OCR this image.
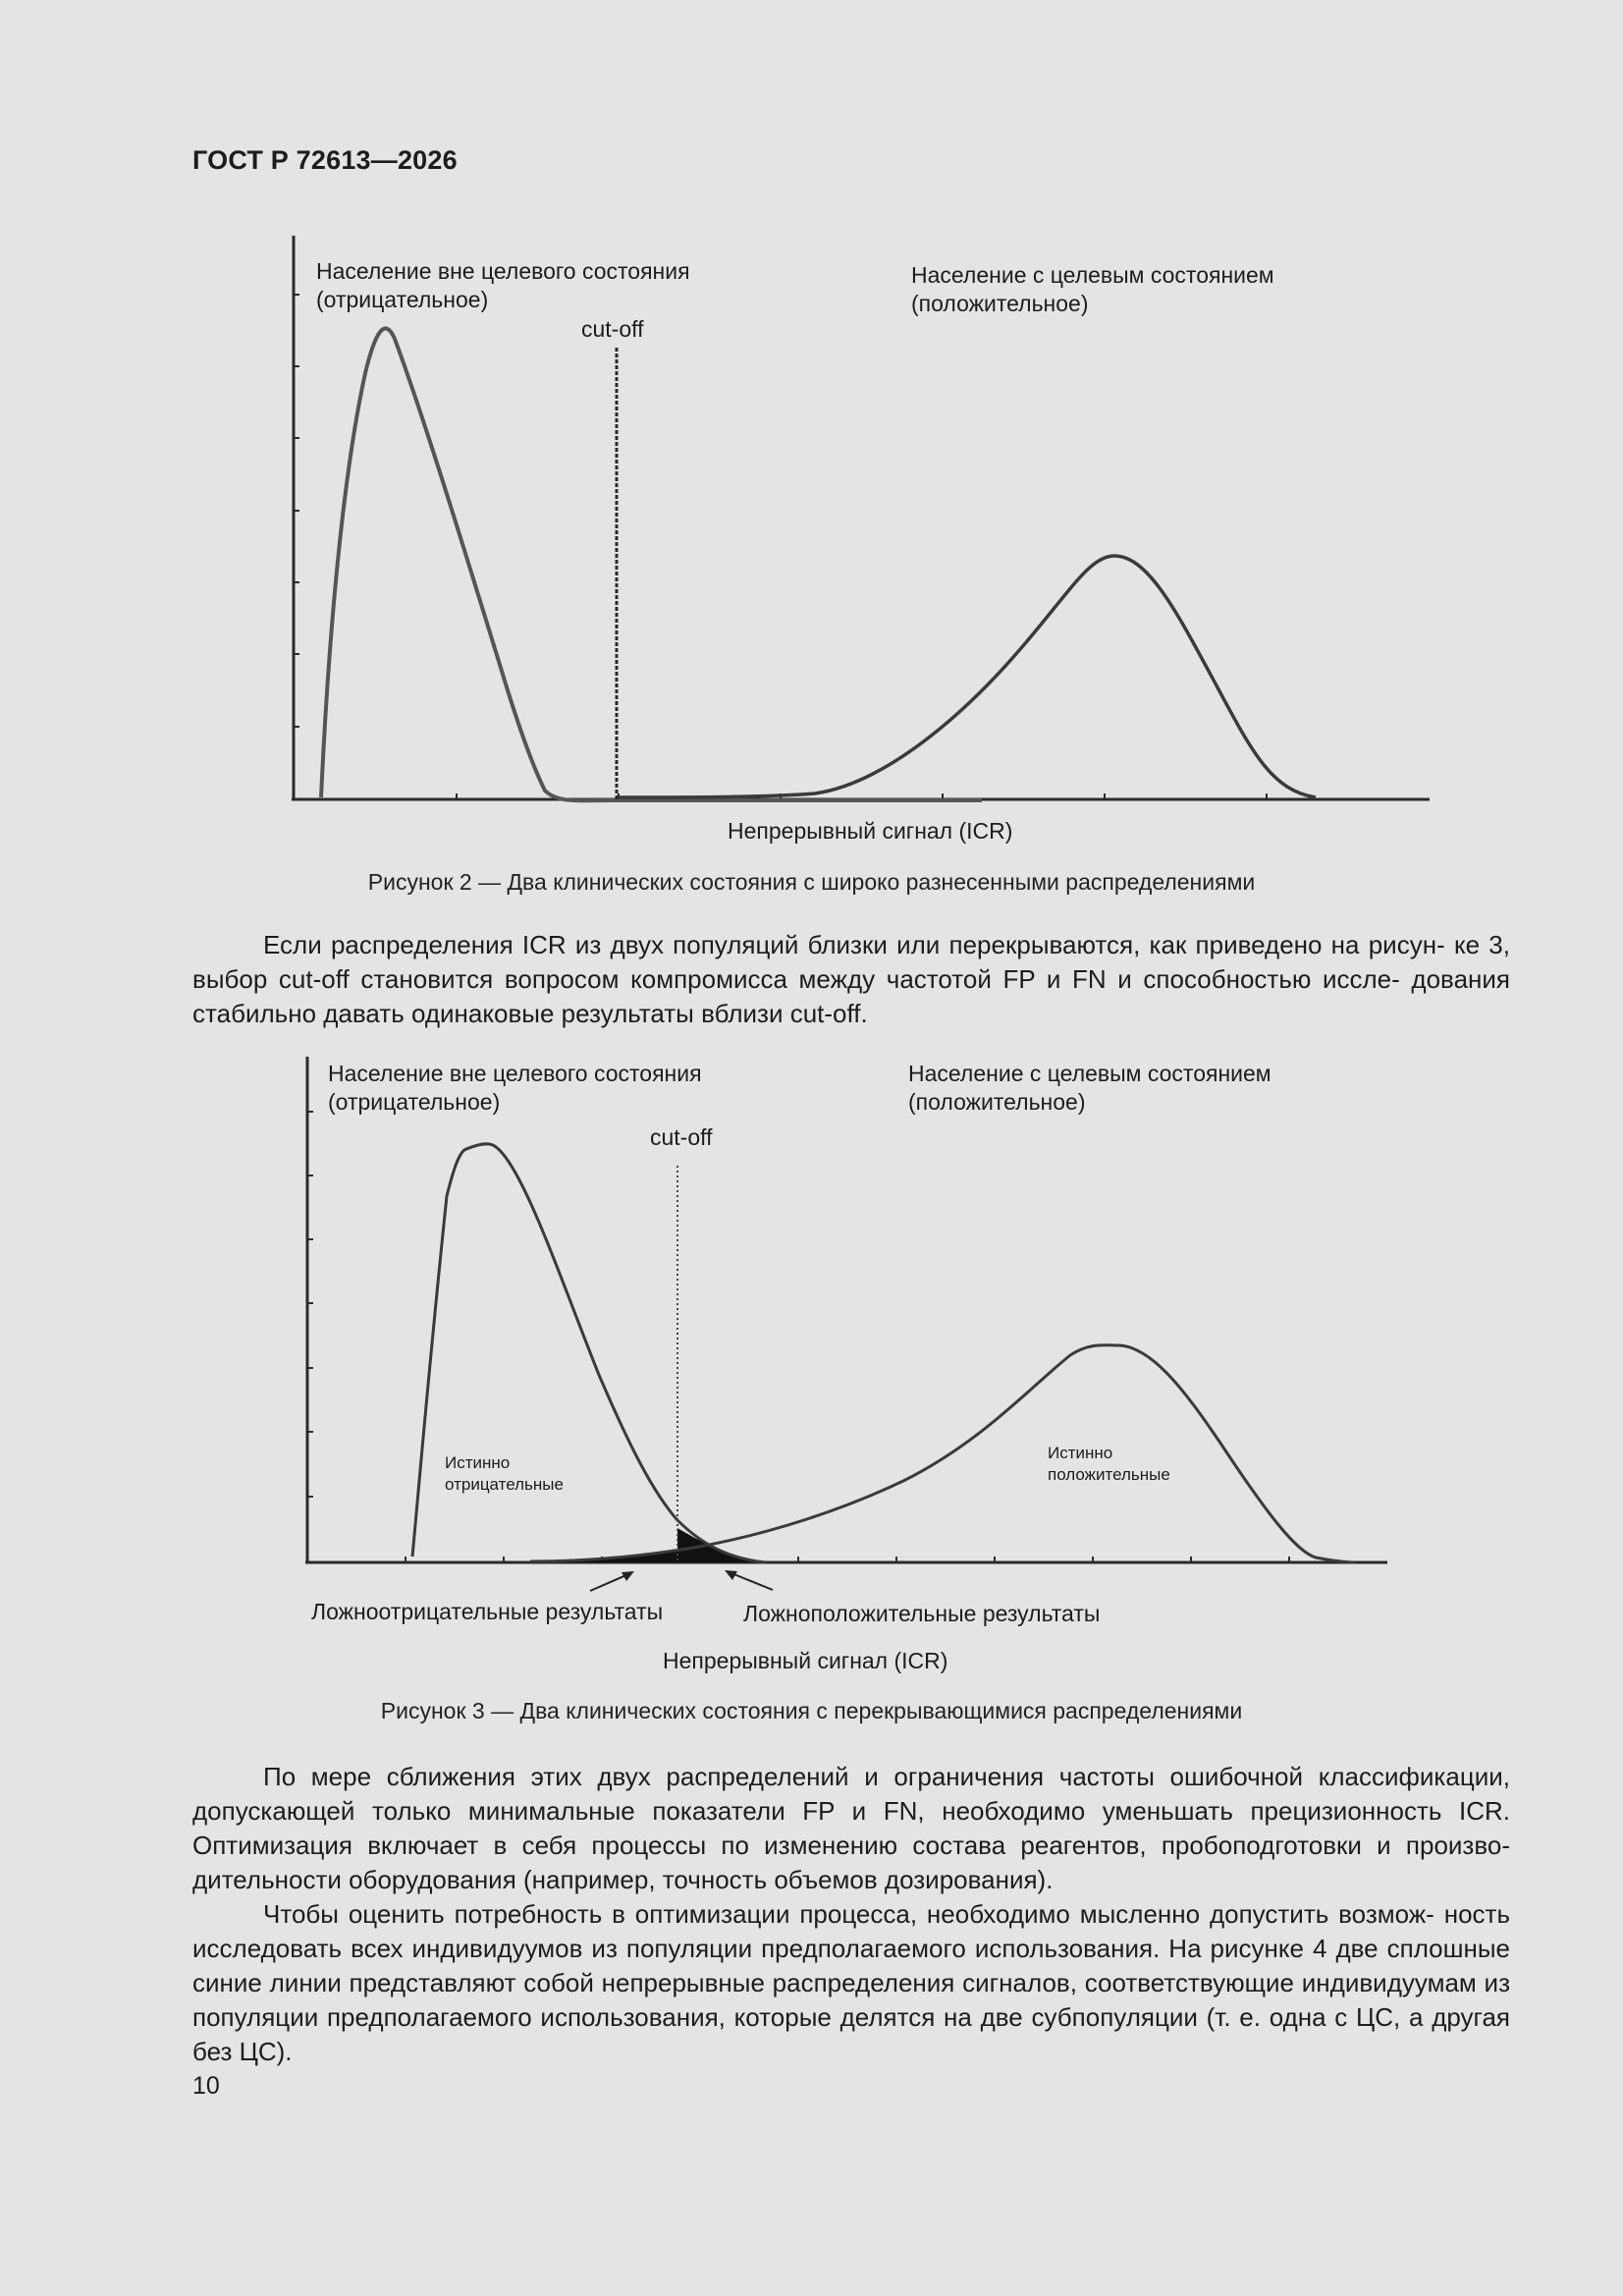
ГОСТ Р 72613—2026
Население вне целевого состояния
(отрицательное)
Население с целевым состоянием
(положительное)
cut-off
Непрерывный сигнал (ICR)
Рисунок 2 — Два клинических состояния с широко разнесенными распределениями

Если распределения ICR из двух популяций близки или перекрываются, как приведено на рисун- ке 3, выбор cut-off становится вопросом компромисса между частотой FP и FN и способностью иссле- дования стабильно давать одинаковые результаты вблизи cut-off.

Население вне целевого состояния
(отрицательное)
Население с целевым состоянием
(положительное)
cut-off
Истинно
отрицательные
Истинно
положительные
Ложноотрицательные результаты	Ложноположительные результаты
Непрерывный сигнал (ICR)
Рисунок 3 — Два клинических состояния с перекрывающимися распределениями

По мере сближения этих двух распределений и ограничения частоты ошибочной классификации, допускающей только минимальные показатели FP и FN, необходимо уменьшать прецизионность ICR. Оптимизация включает в себя процессы по изменению состава реагентов, пробоподготовки и произво- дительности оборудования (например, точность объемов дозирования).

Чтобы оценить потребность в оптимизации процесса, необходимо мысленно допустить возмож- ность исследовать всех индивидуумов из популяции предполагаемого использования. На рисунке 4 две сплошные синие линии представляют собой непрерывные распределения сигналов, соответствующие индивидуумам из популяции предполагаемого использования, которые делятся на две субпопуляции (т. е. одна с ЦС, а другая без ЦС).

10
